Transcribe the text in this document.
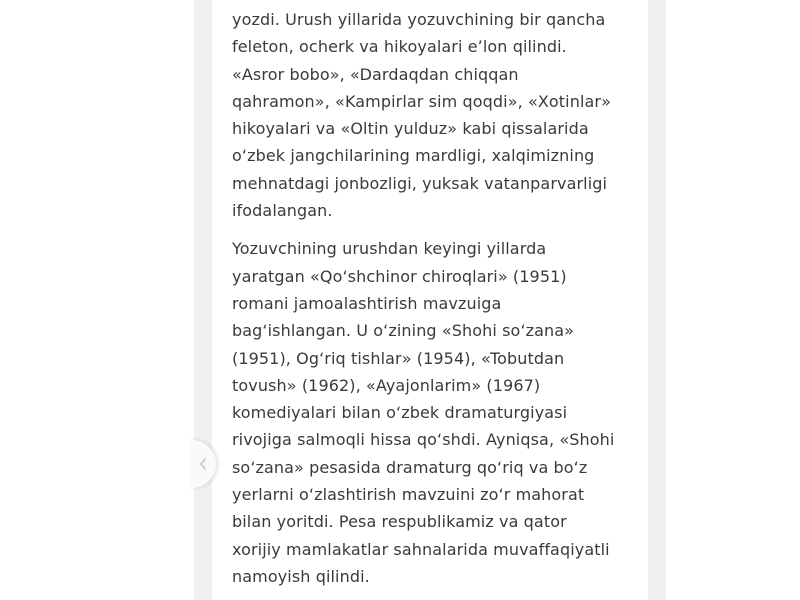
yozdi. Urush yillarida yozuvchining bir qancha
feleton, ocherk va hikoyalari e’lon qilindi.
«Asror bobo», «Dardaqdan chiqqan
qahramon», «Kampirlar sim qoqdi», «Xotinlar»
hikoyalari va «Oltin yulduz» kabi qissalarida
o‘zbek jangchilarining mardligi, xalqimizning
mehnatdagi jonbozligi, yuksak vatanparvarligi
ifodalangan.
Yozuvchining urushdan keyingi yillarda
yaratgan «Qo‘shchinor chiroqlari» (1951)
romani jamoalashtirish mavzuiga
bag‘ishlangan. U o‘zining «Shohi so‘zana»
(1951), Og‘riq tishlar» (1954), «Tobutdan
tovush» (1962), «Ayajonlarim» (1967)
komediyalari bilan o‘zbek dramaturgiyasi
rivojiga salmoqli hissa qo‘shdi. Ayniqsa, «Shohi
so‘zana» pesasida dramaturg qo‘riq va bo‘z
yerlarni o‘zlashtirish mavzuini zo‘r mahorat
bilan yoritdi. Pesa respublikamiz va qator
xorijiy mamlakatlar sahnalarida muvaffaqiyatli
namoyish qilindi.
